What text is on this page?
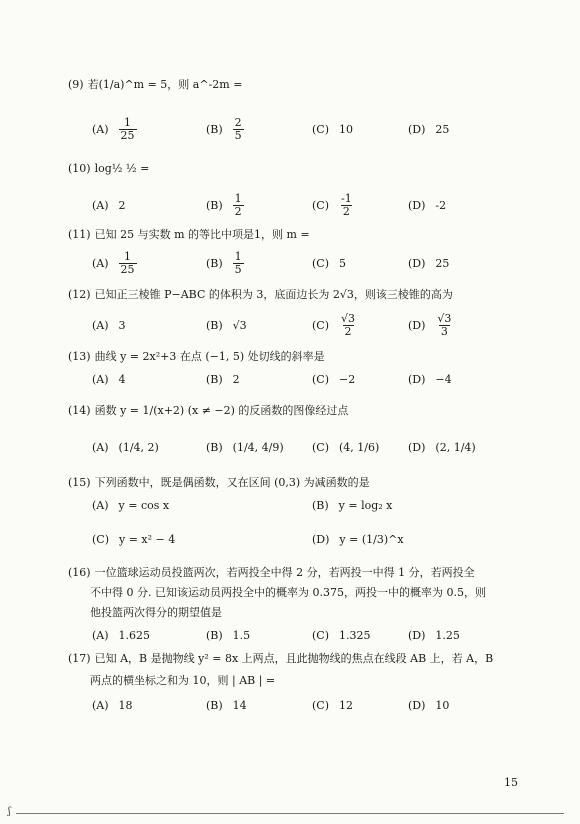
(9) 若(1/a)^m = 5，则 a^-2m =
$(A) \frac{1}{25}$	$(B) \frac{2}{5}$	(C) 10	(D) 25
(10) log½ ½ =
(A) 2	$(B) \frac{1}{2}$	$(C) \frac{-1}{2}$	(D) -2
(11) 已知 25 与实数 m 的等比中项是1，则 m =
$(A) \frac{1}{25}$	$(B) \frac{1}{5}$	(C) 5	(D) 25
(12) 已知正三棱锥 P−ABC 的体积为 3，底面边长为 2√3，则该三棱锥的高为
(A) 3	(B) √3	$(C) \frac{√3}{2}$	$(D) \frac{√3}{3}$
(13) 曲线 y = 2x²+3 在点 (−1, 5) 处切线的斜率是
(A) 4	(B) 2	(C) −2	(D) −4
(14) 函数 y = 1/(x+2) (x ≠ −2) 的反函数的图像经过点
(A) (1/4, 2)	(B) (1/4, 4/9)	(C) (4, 1/6)	(D) (2, 1/4)
(15) 下列函数中，既是偶函数，又在区间 (0,3) 为减函数的是
(A) y = cos x	(B) y = log₂ x
(C) y = x² − 4	(D) y = (1/3)^x
(16) 一位篮球运动员投篮两次，若两投全中得 2 分，若两投一中得 1 分，若两投全
不中得 0 分. 已知该运动员两投全中的概率为 0.375，两投一中的概率为 0.5，则
他投篮两次得分的期望值是
(A) 1.625	(B) 1.5	(C) 1.325	(D) 1.25
(17) 已知 A，B 是抛物线 y² = 8x 上两点，且此抛物线的焦点在线段 AB 上，若 A，B
两点的横坐标之和为 10，则 | AB | =
(A) 18	(B) 14	(C) 12	(D) 10
15
ʃ
